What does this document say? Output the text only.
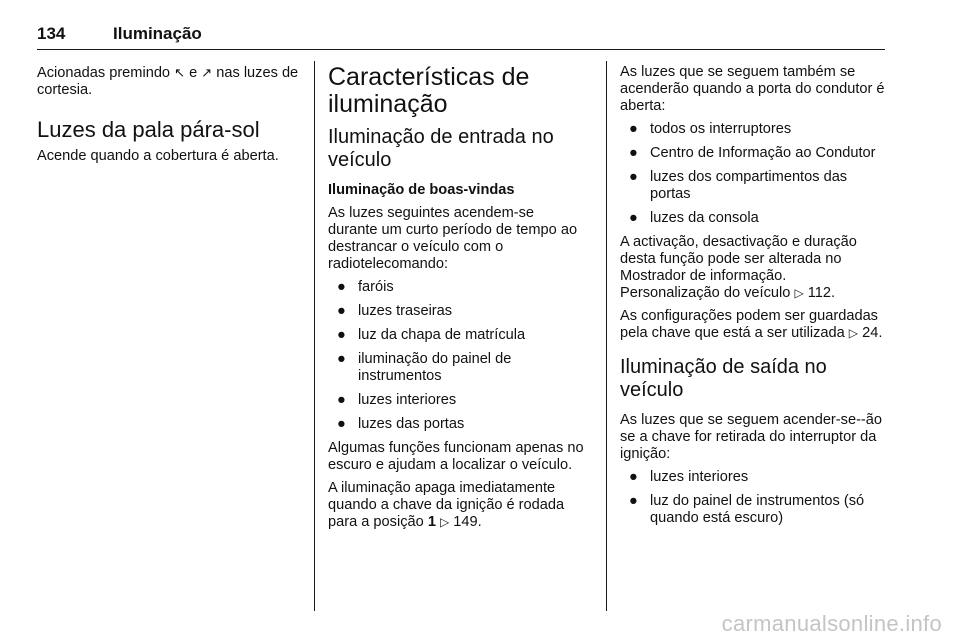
134	Iluminação

Acionadas premindo ↖ e ↗ nas luzes de cortesia.

Luzes da pala pára-sol

Acende quando a cobertura é aberta.

Características de iluminação
Iluminação de entrada no veículo
Iluminação de boas-vindas

As luzes seguintes acendem-se durante um curto período de tempo ao destrancar o veículo com o radiotelecomando:

● faróis
● luzes traseiras
● luz da chapa de matrícula
● iluminação do painel de instrumentos
● luzes interiores
● luzes das portas

Algumas funções funcionam apenas no escuro e ajudam a localizar o veículo.

A iluminação apaga imediatamente quando a chave da ignição é rodada para a posição 1 ▷ 149.

As luzes que se seguem também se acenderão quando a porta do condutor é aberta:

● todos os interruptores
● Centro de Informação ao Condutor
● luzes dos compartimentos das portas
● luzes da consola

A activação, desactivação e duração desta função pode ser alterada no Mostrador de informação. Personalização do veículo ▷ 112.

As configurações podem ser guardadas pela chave que está a ser utilizada ▷ 24.

Iluminação de saída no veículo

As luzes que se seguem acender-se--ão se a chave for retirada do interruptor da ignição:

● luzes interiores
● luz do painel de instrumentos (só quando está escuro)
carmanualsonline.info
